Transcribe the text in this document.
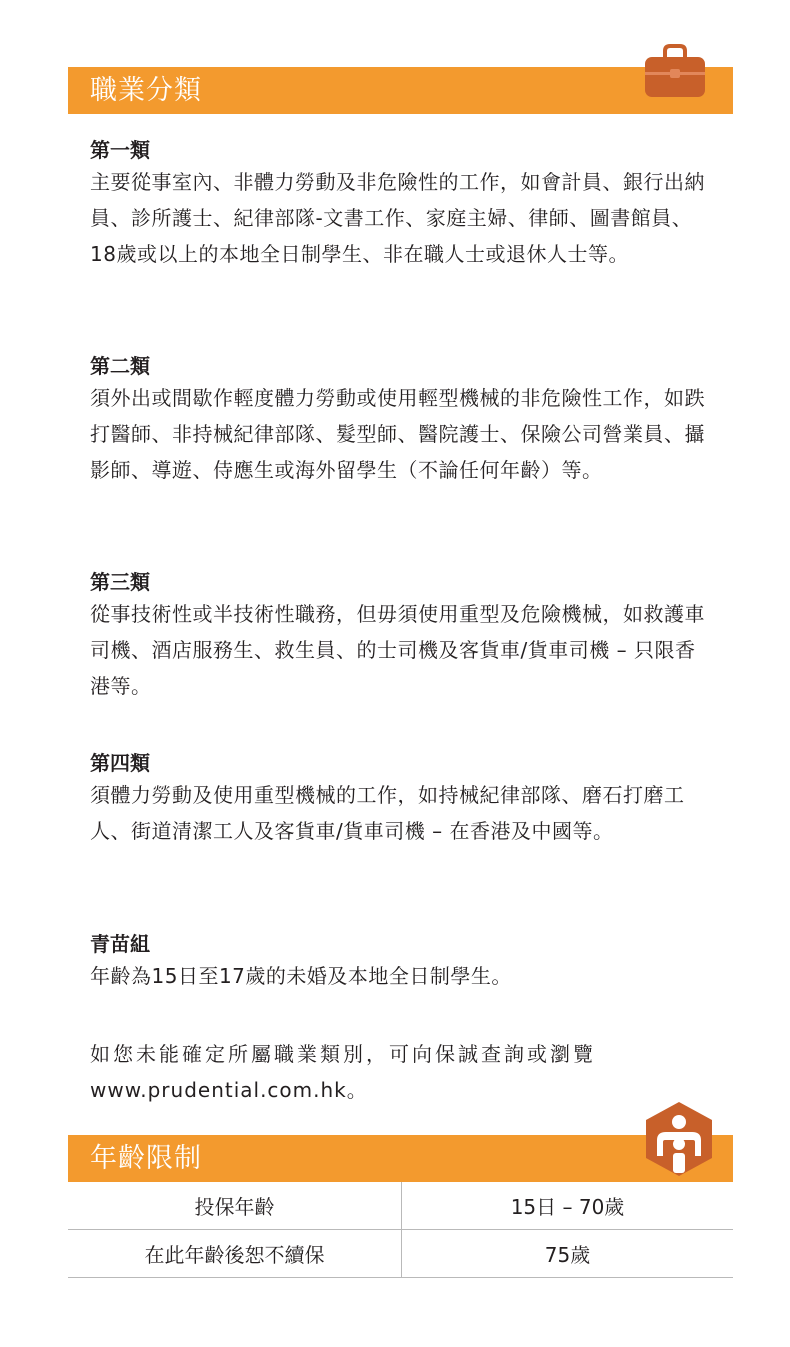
職業分類

第一類

主要從事室內、非體力勞動及非危險性的工作，如會計員、銀行出納員、診所護士、紀律部隊-文書工作、家庭主婦、律師、圖書館員、18歲或以上的本地全日制學生、非在職人士或退休人士等。

第二類

須外出或間歇作輕度體力勞動或使用輕型機械的非危險性工作，如跌打醫師、非持械紀律部隊、髮型師、醫院護士、保險公司營業員、攝影師、導遊、侍應生或海外留學生（不論任何年齡）等。

第三類

從事技術性或半技術性職務，但毋須使用重型及危險機械，如救護車司機、酒店服務生、救生員、的士司機及客貨車/貨車司機 – 只限香港等。

第四類

須體力勞動及使用重型機械的工作，如持械紀律部隊、磨石打磨工人、街道清潔工人及客貨車/貨車司機 – 在香港及中國等。

青苗組

年齡為15日至17歲的未婚及本地全日制學生。

如您未能確定所屬職業類別，可向保誠查詢或瀏覽

www.prudential.com.hk。

年齡限制
投保年齡	15日 – 70歲
在此年齡後恕不續保	75歲
